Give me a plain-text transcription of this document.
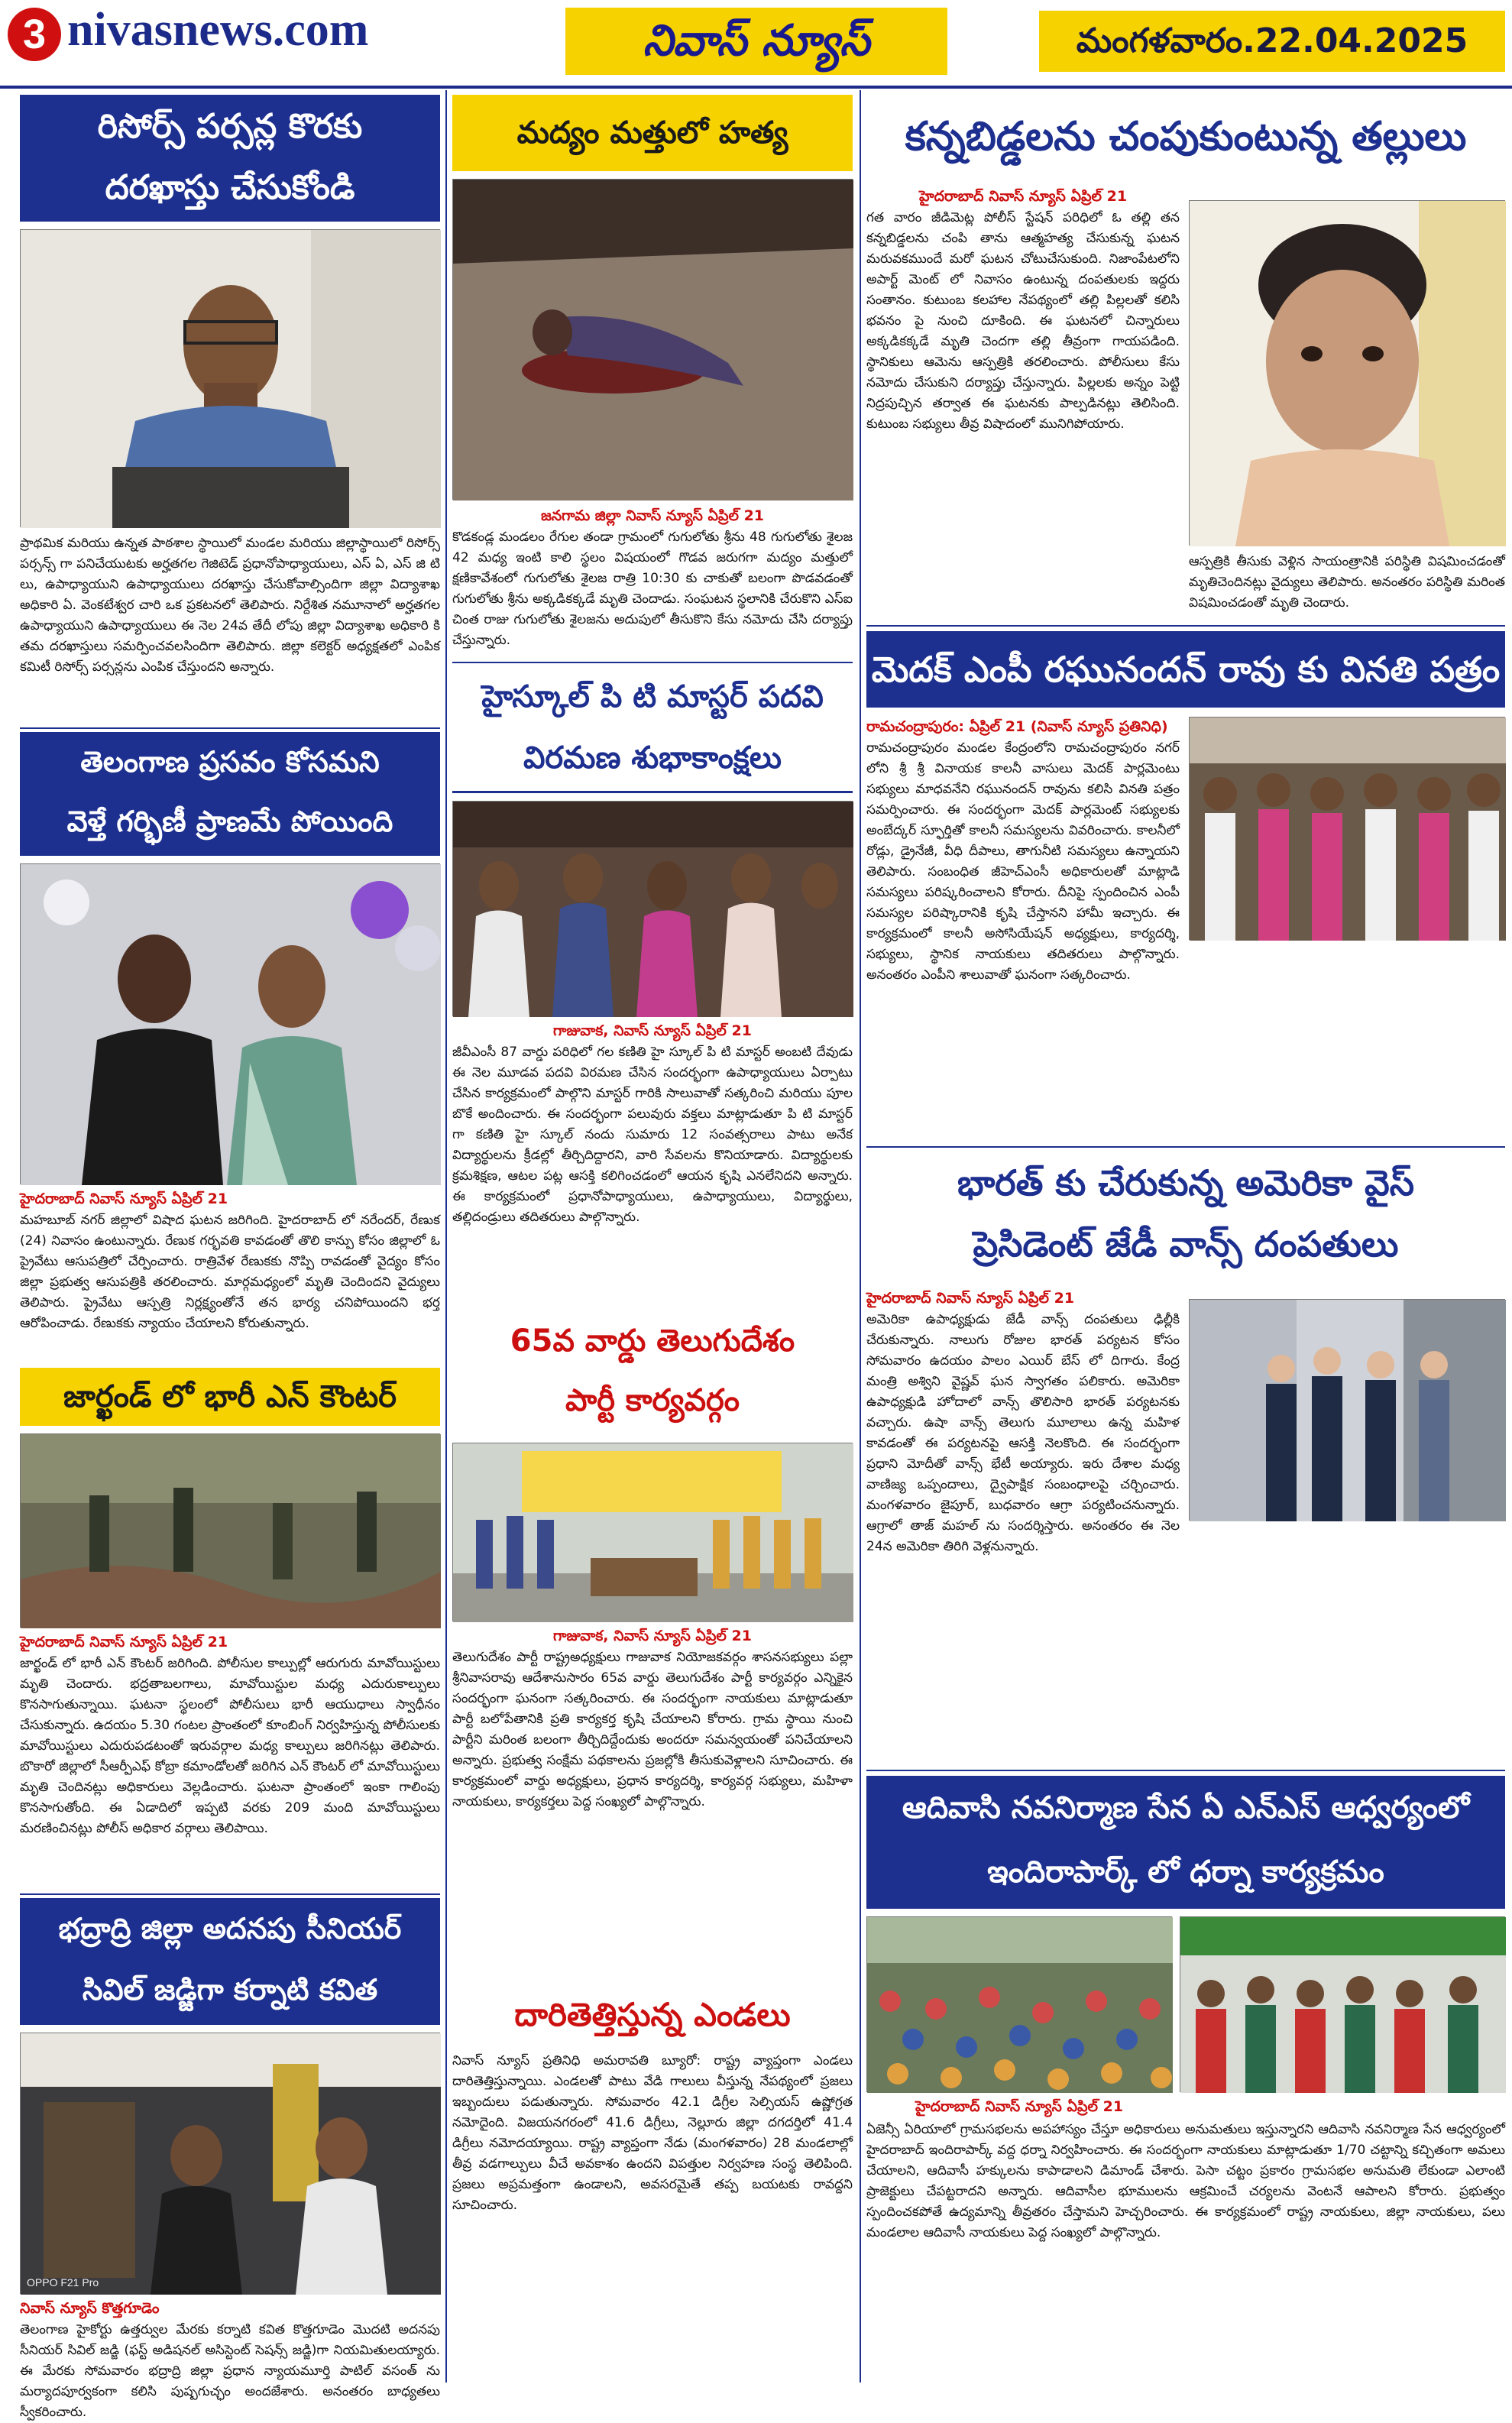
3 nivasnews.com	నివాస్ న్యూస్	మంగళవారం.22.04.2025
రిసోర్స్ పర్సన్ల కొరకు
దరఖాస్తు చేసుకోండి
ప్రాథమిక మరియు ఉన్నత పాఠశాల స్థాయిలో మండల మరియు జిల్లాస్థాయిలో రిసోర్స్ పర్సన్స్ గా పనిచేయుటకు అర్హతగల గెజిటెడ్ ప్రధానోపాధ్యాయులు, ఎస్ ఏ, ఎస్ జి టి లు, ఉపాధ్యాయుని ఉపాధ్యాయులు దరఖాస్తు చేసుకోవాల్సిందిగా జిల్లా విద్యాశాఖ అధికారి ఏ. వెంకటేశ్వర చారి ఒక ప్రకటనలో తెలిపారు. నిర్దేశిత నమూనాలో అర్హతగల ఉపాధ్యాయుని ఉపాధ్యాయులు ఈ నెల 24వ తేదీ లోపు జిల్లా విద్యాశాఖ అధికారి కి తమ దరఖాస్తులు సమర్పించవలసిందిగా తెలిపారు. జిల్లా కలెక్టర్ అధ్యక్షతలో ఎంపిక కమిటీ రిసోర్స్ పర్సన్లను ఎంపిక చేస్తుందని అన్నారు.
తెలంగాణ ప్రసవం కోసమని
వెళ్తే గర్భిణీ ప్రాణమే పోయింది
హైదరాబాద్ నివాస్ న్యూస్ ఏప్రిల్ 21
మహబూబ్ నగర్ జిల్లాలో విషాద ఘటన జరిగింది. హైదరాబాద్ లో నరేందర్, రేణుక (24) నివాసం ఉంటున్నారు. రేణుక గర్భవతి కావడంతో తొలి కాన్పు కోసం జిల్లాలో ఓ ప్రైవేటు ఆసుపత్రిలో చేర్పించారు. రాత్రివేళ రేణుకకు నొప్పి రావడంతో వైద్యం కోసం జిల్లా ప్రభుత్వ ఆసుపత్రికి తరలించారు. మార్గమధ్యంలో మృతి చెందిందని వైద్యులు తెలిపారు. ప్రైవేటు ఆస్పత్రి నిర్లక్ష్యంతోనే తన భార్య చనిపోయిందని భర్త ఆరోపించాడు. రేణుకకు న్యాయం చేయాలని కోరుతున్నారు.
జార్ఖండ్ లో భారీ ఎన్ కౌంటర్
హైదరాబాద్ నివాస్ న్యూస్ ఏప్రిల్ 21
జార్ఖండ్ లో భారీ ఎన్ కౌంటర్ జరిగింది. పోలీసుల కాల్పుల్లో ఆరుగురు మావోయిస్టులు మృతి చెందారు. భద్రతాబలగాలు, మావోయిస్టుల మధ్య ఎదురుకాల్పులు కొనసాగుతున్నాయి. ఘటనా స్థలంలో పోలీసులు భారీ ఆయుధాలు స్వాధీనం చేసుకున్నారు. ఉదయం 5.30 గంటల ప్రాంతంలో కూంబింగ్ నిర్వహిస్తున్న పోలీసులకు మావోయిస్టులు ఎదురుపడటంతో ఇరువర్గాల మధ్య కాల్పులు జరిగినట్లు తెలిపారు. బొకారో జిల్లాలో సీఆర్పీఎఫ్ కోబ్రా కమాండోలతో జరిగిన ఎన్ కౌంటర్ లో మావోయిస్టులు మృతి చెందినట్లు అధికారులు వెల్లడించారు. ఘటనా ప్రాంతంలో ఇంకా గాలింపు కొనసాగుతోంది. ఈ ఏడాదిలో ఇప్పటి వరకు 209 మంది మావోయిస్టులు మరణించినట్లు పోలీస్ అధికార వర్గాలు తెలిపాయి.
భద్రాద్రి జిల్లా అదనపు సీనియర్
సివిల్ జడ్జిగా కర్నాటి కవిత
OPPO F21 Pro
నివాస్ న్యూస్ కొత్తగూడెం
తెలంగాణ హైకోర్టు ఉత్తర్వుల మేరకు కర్నాటి కవిత కొత్తగూడెం మొదటి అదనపు సీనియర్ సివిల్ జడ్జి (ఫస్ట్ అడిషనల్ అసిస్టెంట్ సెషన్స్ జడ్జి)గా నియమితులయ్యారు. ఈ మేరకు సోమవారం భద్రాద్రి జిల్లా ప్రధాన న్యాయమూర్తి పాటిల్ వసంత్ ను మర్యాదపూర్వకంగా కలిసి పుష్పగుచ్ఛం అందజేశారు. అనంతరం బాధ్యతలు స్వీకరించారు.
మద్యం మత్తులో హత్య
జనగామ జిల్లా నివాస్ న్యూస్ ఏప్రిల్ 21
కొడకండ్ల మండలం రేగుల తండా గ్రామంలో గుగులోతు శ్రీను 48 గుగులోతు శైలజ 42 మధ్య ఇంటి కాలి స్థలం విషయంలో గొడవ జరుగగా మద్యం మత్తులో క్షణికావేశంలో గుగులోతు శైలజ రాత్రి 10:30 కు చాకుతో బలంగా పొడవడంతో గుగులోతు శ్రీను అక్కడికక్కడే మృతి చెందాడు. సంఘటన స్థలానికి చేరుకొని ఎస్ఐ చింత రాజు గుగులోతు శైలజను అదుపులో తీసుకొని కేసు నమోదు చేసి దర్యాప్తు చేస్తున్నారు.
హైస్కూల్ పి టి మాస్టర్ పదవి
విరమణ శుభాకాంక్షలు
గాజువాక, నివాస్ న్యూస్ ఏప్రిల్ 21
జీవీఎంసీ 87 వార్డు పరిధిలో గల కణితి హై స్కూల్ పి టి మాస్టర్ అంబటి దేవుడు ఈ నెల మూడవ పదవి విరమణ చేసిన సందర్భంగా ఉపాధ్యాయులు ఏర్పాటు చేసిన కార్యక్రమంలో పాల్గొని మాస్టర్ గారికి సాలువాతో సత్కరించి మరియు పూల బొకే అందించారు. ఈ సందర్భంగా పలువురు వక్తలు మాట్లాడుతూ పి టి మాస్టర్ గా కణితి హై స్కూల్ నందు సుమారు 12 సంవత్సరాలు పాటు అనేక విద్యార్థులను క్రీడల్లో తీర్చిదిద్దారని, వారి సేవలను కొనియాడారు. విద్యార్థులకు క్రమశిక్షణ, ఆటల పట్ల ఆసక్తి కలిగించడంలో ఆయన కృషి ఎనలేనిదని అన్నారు. ఈ కార్యక్రమంలో ప్రధానోపాధ్యాయులు, ఉపాధ్యాయులు, విద్యార్థులు, తల్లిదండ్రులు తదితరులు పాల్గొన్నారు.
65వ వార్డు తెలుగుదేశం
పార్టీ కార్యవర్గం
గాజువాక, నివాస్ న్యూస్ ఏప్రిల్ 21
తెలుగుదేశం పార్టీ రాష్ట్రఅధ్యక్షులు గాజువాక నియోజకవర్గం శాసనసభ్యులు పల్లా శ్రీనివాసరావు ఆదేశానుసారం 65వ వార్డు తెలుగుదేశం పార్టీ కార్యవర్గం ఎన్నికైన సందర్భంగా ఘనంగా సత్కరించారు. ఈ సందర్భంగా నాయకులు మాట్లాడుతూ పార్టీ బలోపేతానికి ప్రతి కార్యకర్త కృషి చేయాలని కోరారు. గ్రామ స్థాయి నుంచి పార్టీని మరింత బలంగా తీర్చిదిద్దేందుకు అందరూ సమన్వయంతో పనిచేయాలని అన్నారు. ప్రభుత్వ సంక్షేమ పథకాలను ప్రజల్లోకి తీసుకువెళ్లాలని సూచించారు. ఈ కార్యక్రమంలో వార్డు అధ్యక్షులు, ప్రధాన కార్యదర్శి, కార్యవర్గ సభ్యులు, మహిళా నాయకులు, కార్యకర్తలు పెద్ద సంఖ్యలో పాల్గొన్నారు.
దారితెత్తిస్తున్న ఎండలు
నివాస్ న్యూస్ ప్రతినిధి అమరావతి బ్యూరో: రాష్ట్ర వ్యాప్తంగా ఎండలు దారితెత్తిస్తున్నాయి. ఎండలతో పాటు వేడి గాలులు వీస్తున్న నేపథ్యంలో ప్రజలు ఇబ్బందులు పడుతున్నారు. సోమవారం 42.1 డిగ్రీల సెల్సియస్ ఉష్ణోగ్రత నమోదైంది. విజయనగరంలో 41.6 డిగ్రీలు, నెల్లూరు జిల్లా దగదర్తిలో 41.4 డిగ్రీలు నమోదయ్యాయి. రాష్ట్ర వ్యాప్తంగా నేడు (మంగళవారం) 28 మండలాల్లో తీవ్ర వడగాల్పులు వీచే అవకాశం ఉందని విపత్తుల నిర్వహణ సంస్థ తెలిపింది. ప్రజలు అప్రమత్తంగా ఉండాలని, అవసరమైతే తప్ప బయటకు రావద్దని సూచించారు.
కన్నబిడ్డలను చంపుకుంటున్న తల్లులు
హైదరాబాద్ నివాస్ న్యూస్ ఏప్రిల్ 21
గత వారం జీడిమెట్ల పోలీస్ స్టేషన్ పరిధిలో ఓ తల్లి తన కన్నబిడ్డలను చంపి తాను ఆత్మహత్య చేసుకున్న ఘటన మరువకముందే మరో ఘటన చోటుచేసుకుంది. నిజాంపేటలోని అపార్ట్ మెంట్ లో నివాసం ఉంటున్న దంపతులకు ఇద్దరు సంతానం. కుటుంబ కలహాల నేపథ్యంలో తల్లి పిల్లలతో కలిసి భవనం పై నుంచి దూకింది. ఈ ఘటనలో చిన్నారులు అక్కడికక్కడే మృతి చెందగా తల్లి తీవ్రంగా గాయపడింది. స్థానికులు ఆమెను ఆస్పత్రికి తరలించారు. పోలీసులు కేసు నమోదు చేసుకుని దర్యాప్తు చేస్తున్నారు. పిల్లలకు అన్నం పెట్టి నిద్రపుచ్చిన తర్వాత ఈ ఘటనకు పాల్పడినట్లు తెలిసింది. కుటుంబ సభ్యులు తీవ్ర విషాదంలో మునిగిపోయారు.
ఆస్పత్రికి తీసుకు వెళ్లిన సాయంత్రానికి పరిస్థితి విషమించడంతో మృతిచెందినట్లు వైద్యులు తెలిపారు. అనంతరం పరిస్థితి మరింత విషమించడంతో మృతి చెందారు.
మెదక్ ఎంపీ రఘునందన్ రావు కు వినతి పత్రం
రామచంద్రాపురం: ఏప్రిల్ 21 (నివాస్ న్యూస్ ప్రతినిధి)
రామచంద్రాపురం మండల కేంద్రంలోని రామచంద్రాపురం నగర్ లోని శ్రీ శ్రీ వినాయక కాలనీ వాసులు మెదక్ పార్లమెంటు సభ్యులు మాధవనేని రఘునందన్ రావును కలిసి వినతి పత్రం సమర్పించారు. ఈ సందర్భంగా మెదక్ పార్లమెంట్ సభ్యులకు అంబేద్కర్ స్ఫూర్తితో కాలనీ సమస్యలను వివరించారు. కాలనీలో రోడ్లు, డ్రైనేజీ, వీధి దీపాలు, తాగునీటి సమస్యలు ఉన్నాయని తెలిపారు. సంబంధిత జీహెచ్ఎంసీ అధికారులతో మాట్లాడి సమస్యలు పరిష్కరించాలని కోరారు. దీనిపై స్పందించిన ఎంపీ సమస్యల పరిష్కారానికి కృషి చేస్తానని హామీ ఇచ్చారు. ఈ కార్యక్రమంలో కాలనీ అసోసియేషన్ అధ్యక్షులు, కార్యదర్శి, సభ్యులు, స్థానిక నాయకులు తదితరులు పాల్గొన్నారు. అనంతరం ఎంపీని శాలువాతో ఘనంగా సత్కరించారు.
భారత్ కు చేరుకున్న అమెరికా వైస్
ప్రెసిడెంట్ జేడీ వాన్స్ దంపతులు
హైదరాబాద్ నివాస్ న్యూస్ ఏప్రిల్ 21
అమెరికా ఉపాధ్యక్షుడు జేడీ వాన్స్ దంపతులు ఢిల్లీకి చేరుకున్నారు. నాలుగు రోజుల భారత్ పర్యటన కోసం సోమవారం ఉదయం పాలం ఎయిర్ బేస్ లో దిగారు. కేంద్ర మంత్రి అశ్విని వైష్ణవ్ ఘన స్వాగతం పలికారు. అమెరికా ఉపాధ్యక్షుడి హోదాలో వాన్స్ తొలిసారి భారత్ పర్యటనకు వచ్చారు. ఉషా వాన్స్ తెలుగు మూలాలు ఉన్న మహిళ కావడంతో ఈ పర్యటనపై ఆసక్తి నెలకొంది. ఈ సందర్భంగా ప్రధాని మోదీతో వాన్స్ భేటీ అయ్యారు. ఇరు దేశాల మధ్య వాణిజ్య ఒప్పందాలు, ద్వైపాక్షిక సంబంధాలపై చర్చించారు. మంగళవారం జైపూర్, బుధవారం ఆగ్రా పర్యటించనున్నారు. ఆగ్రాలో తాజ్ మహల్ ను సందర్శిస్తారు. అనంతరం ఈ నెల 24న అమెరికా తిరిగి వెళ్లనున్నారు.
ఆదివాసి నవనిర్మాణ సేన ఏ ఎన్ఎస్ ఆధ్వర్యంలో
ఇందిరాపార్క్ లో ధర్నా కార్యక్రమం
హైదరాబాద్ నివాస్ న్యూస్ ఏప్రిల్ 21
ఏజెన్సీ ఏరియాలో గ్రామసభలను అపహాస్యం చేస్తూ అధికారులు అనుమతులు ఇస్తున్నారని ఆదివాసి నవనిర్మాణ సేన ఆధ్వర్యంలో హైదరాబాద్ ఇందిరాపార్క్ వద్ద ధర్నా నిర్వహించారు. ఈ సందర్భంగా నాయకులు మాట్లాడుతూ 1/70 చట్టాన్ని కచ్చితంగా అమలు చేయాలని, ఆదివాసీ హక్కులను కాపాడాలని డిమాండ్ చేశారు. పెసా చట్టం ప్రకారం గ్రామసభల అనుమతి లేకుండా ఎలాంటి ప్రాజెక్టులు చేపట్టరాదని అన్నారు. ఆదివాసీల భూములను ఆక్రమించే చర్యలను వెంటనే ఆపాలని కోరారు. ప్రభుత్వం స్పందించకపోతే ఉద్యమాన్ని తీవ్రతరం చేస్తామని హెచ్చరించారు. ఈ కార్యక్రమంలో రాష్ట్ర నాయకులు, జిల్లా నాయకులు, పలు మండలాల ఆదివాసీ నాయకులు పెద్ద సంఖ్యలో పాల్గొన్నారు.
